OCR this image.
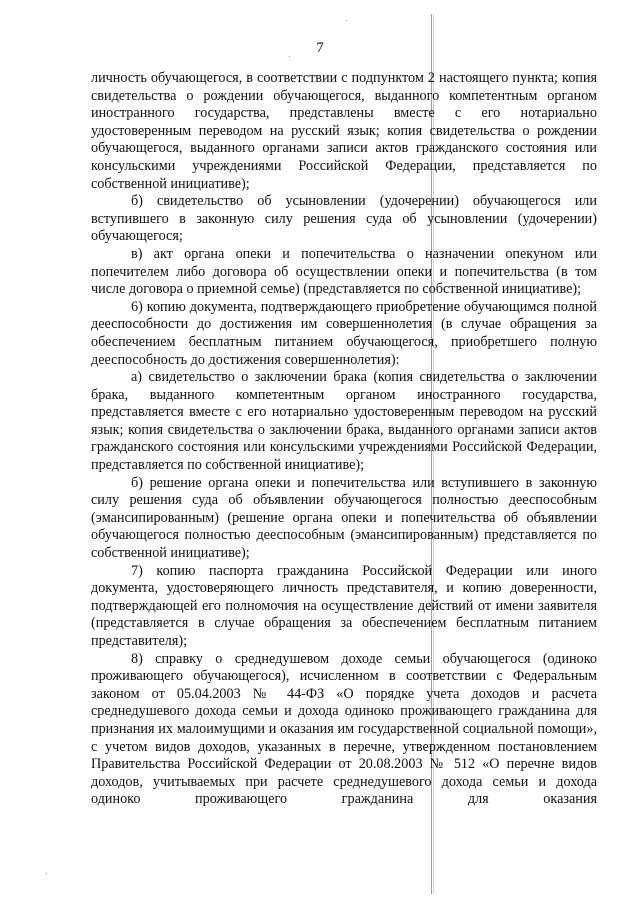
7

личность обучающегося, в соответствии с подпунктом 2 настоящего пункта; копия свидетельства о рождении обучающегося, выданного компетентным органом иностранного государства, представлены вместе с его нотариально удостоверенным переводом на русский язык; копия свидетельства о рождении обучающегося, выданного органами записи актов гражданского состояния или консульскими учреждениями Российской Федерации, представляется по собственной инициативе);

б) свидетельство об усыновлении (удочерении) обучающегося или вступившего в законную силу решения суда об усыновлении (удочерении) обучающегося;

в) акт органа опеки и попечительства о назначении опекуном или попечителем либо договора об осуществлении опеки и попечительства (в том числе договора о приемной семье) (представляется по собственной инициативе);

6) копию документа, подтверждающего приобретение обучающимся полной дееспособности до достижения им совершеннолетия (в случае обращения за обеспечением бесплатным питанием обучающегося, приобретшего полную дееспособность до достижения совершеннолетия):

а) свидетельство о заключении брака (копия свидетельства о заключении брака, выданного компетентным органом иностранного государства, представляется вместе с его нотариально удостоверенным переводом на русский язык; копия свидетельства о заключении брака, выданного органами записи актов гражданского состояния или консульскими учреждениями Российской Федерации, представляется по собственной инициативе);

б) решение органа опеки и попечительства или вступившего в законную силу решения суда об объявлении обучающегося полностью дееспособным (эмансипированным) (решение органа опеки и попечительства об объявлении обучающегося полностью дееспособным (эмансипированным) представляется по собственной инициативе);

7) копию паспорта гражданина Российской Федерации или иного документа, удостоверяющего личность представителя, и копию доверенности, подтверждающей его полномочия на осуществление действий от имени заявителя (представляется в случае обращения за обеспечением бесплатным питанием представителя);

8) справку о среднедушевом доходе семьи обучающегося (одиноко проживающего обучающегося), исчисленном в соответствии с Федеральным законом от 05.04.2003 № 44-ФЗ «О порядке учета доходов и расчета среднедушевого дохода семьи и дохода одиноко проживающего гражданина для признания их малоимущими и оказания им государственной социальной помощи», с учетом видов доходов, указанных в перечне, утвержденном постановлением Правительства Российской Федерации от 20.08.2003 № 512 «О перечне видов доходов, учитываемых при расчете среднедушевого дохода семьи и дохода одиноко проживающего гражданина для оказания
